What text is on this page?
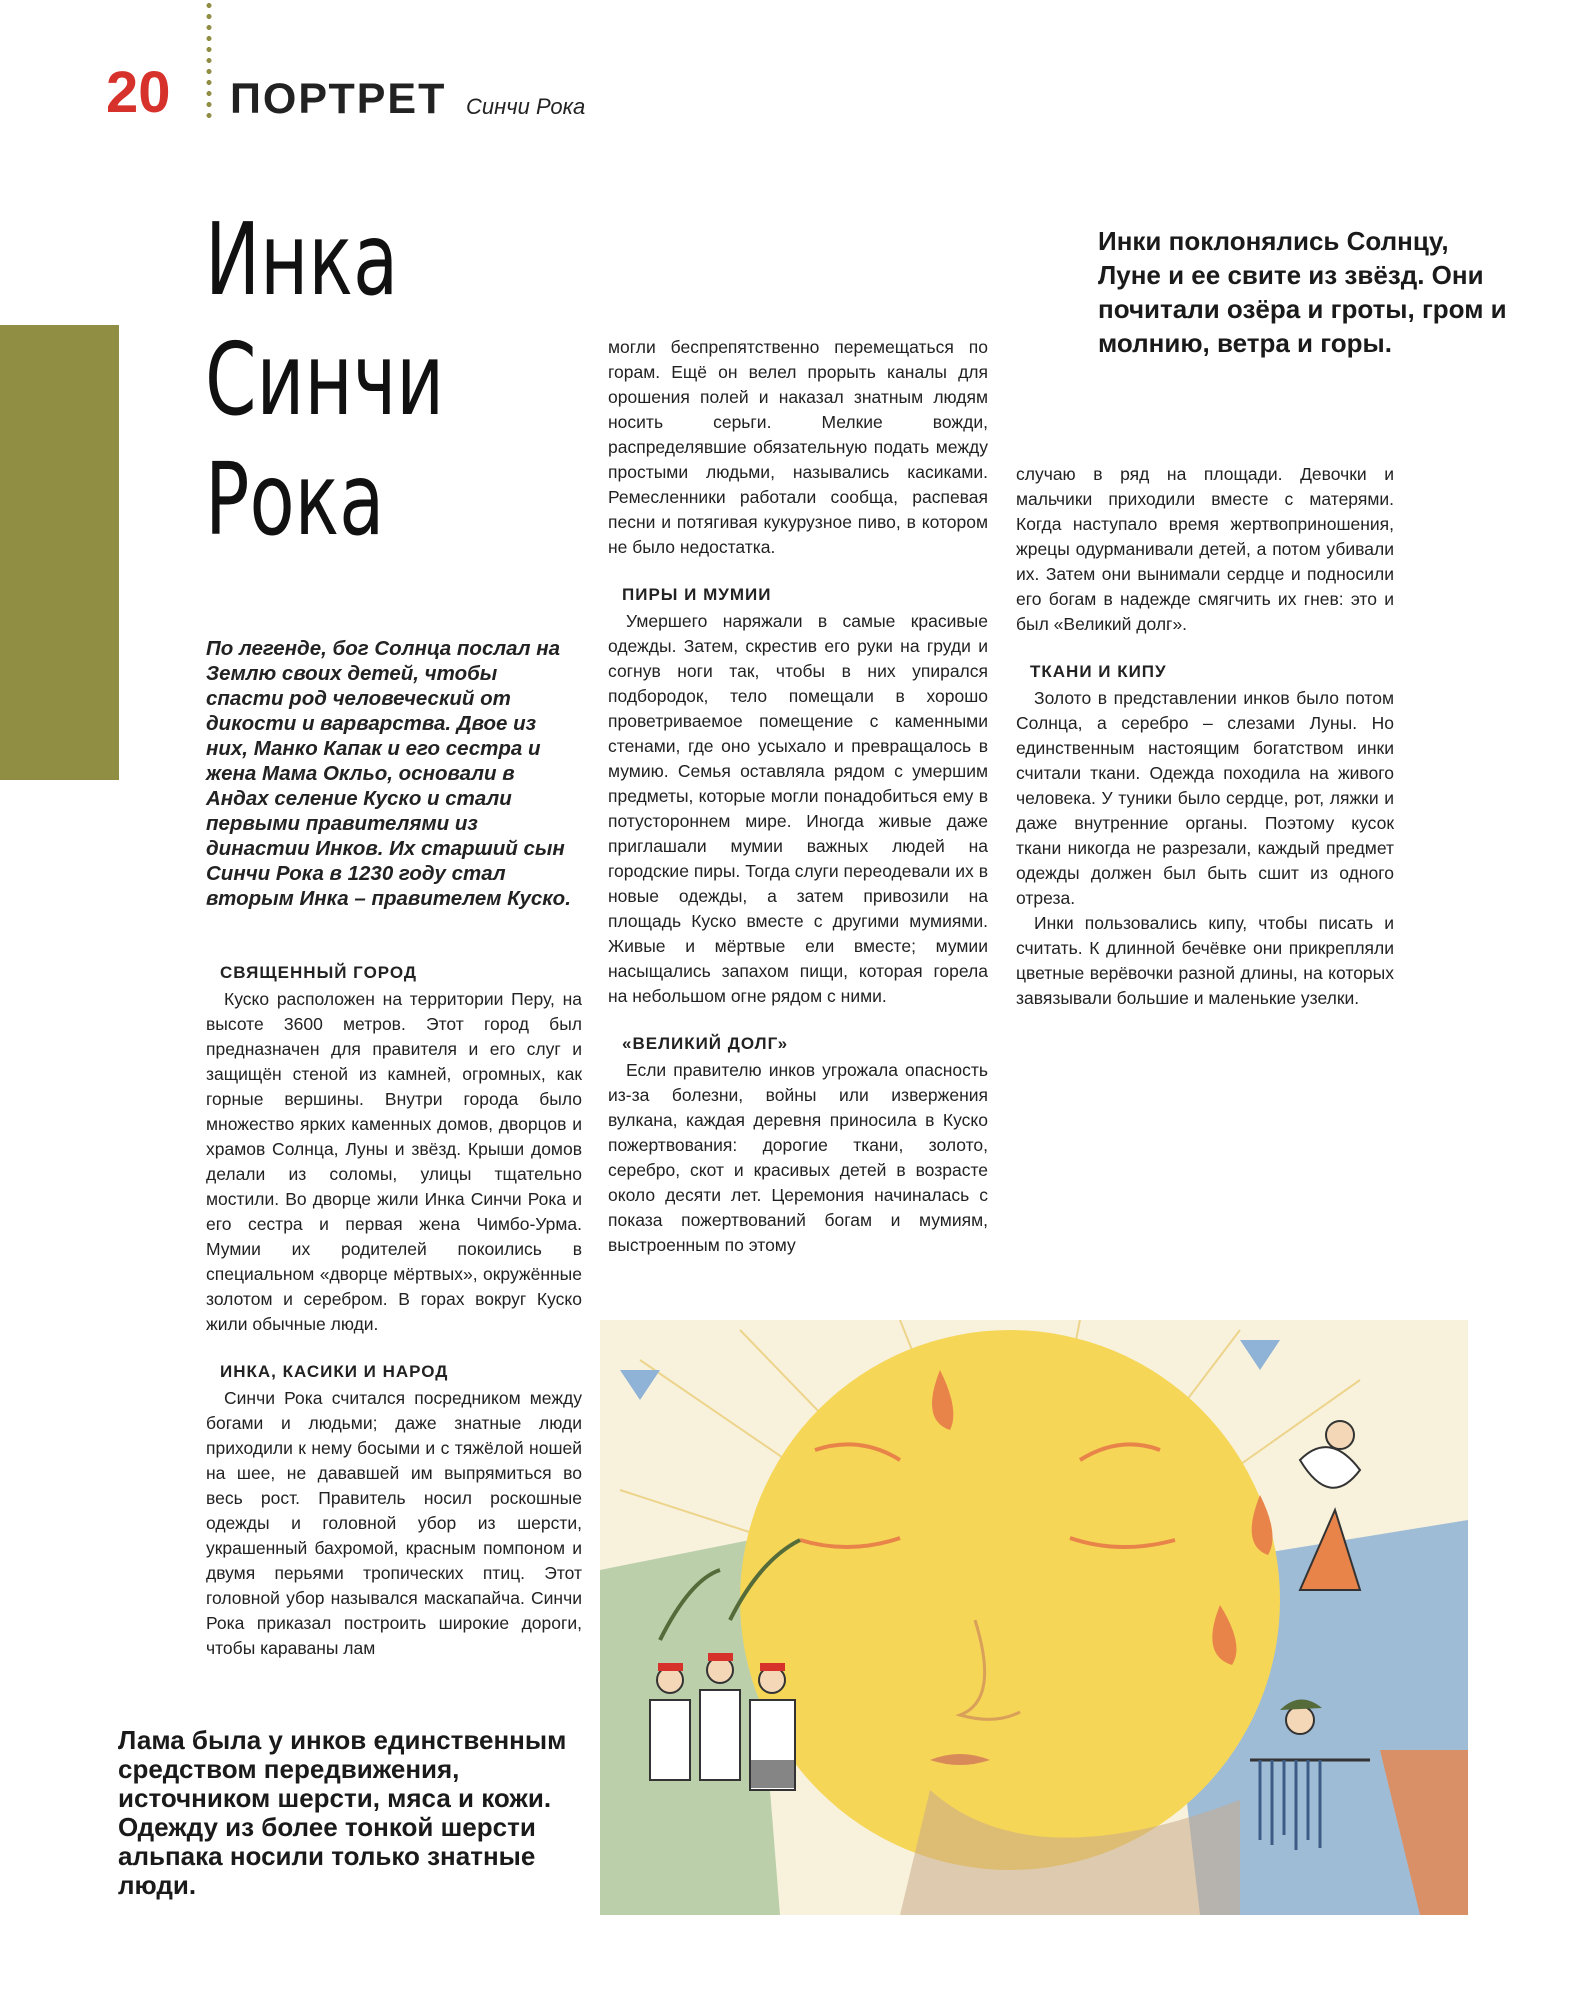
20 ПОРТРЕТ Синчи Рока
Инка
Синчи
Рока
Инки поклонялись Солнцу, Луне и ее свите из звёзд. Они почитали озёра и гроты, гром и молнию, ветра и горы.
По легенде, бог Солнца послал на Землю своих детей, чтобы спасти род человеческий от дикости и варварства. Двое из них, Манко Капак и его сестра и жена Мама Окльо, основали в Андах селение Куско и стали первыми правителями из династии Инков. Их старший сын Синчи Рока в 1230 году стал вторым Инка – правителем Куско.
СВЯЩЕННЫЙ ГОРОД

Куско расположен на территории Перу, на высоте 3600 метров. Этот город был предназначен для правителя и его слуг и защищён стеной из камней, огромных, как горные вершины. Внутри города было множество ярких каменных домов, дворцов и храмов Солнца, Луны и звёзд. Крыши домов делали из соломы, улицы тщательно мостили. Во дворце жили Инка Синчи Рока и его сестра и первая жена Чимбо-Урма. Мумии их родителей покоились в специальном «дворце мёртвых», окружённые золотом и серебром. В горах вокруг Куско жили обычные люди.

ИНКА, КАСИКИ И НАРОД

Синчи Рока считался посредником между богами и людьми; даже знатные люди приходили к нему босыми и с тяжёлой ношей на шее, не дававшей им выпрямиться во весь рост. Правитель носил роскошные одежды и головной убор из шерсти, украшенный бахромой, красным помпоном и двумя перьями тропических птиц. Этот головной убор назывался маскапайча. Синчи Рока приказал построить широкие дороги, чтобы караваны лам

могли беспрепятственно перемещаться по горам. Ещё он велел прорыть каналы для орошения полей и наказал знатным людям носить серьги. Мелкие вожди, распределявшие обязательную подать между простыми людьми, назывались касиками. Ремесленники работали сообща, распевая песни и потягивая кукурузное пиво, в котором не было недостатка.

ПИРЫ И МУМИИ

Умершего наряжали в самые красивые одежды. Затем, скрестив его руки на груди и согнув ноги так, чтобы в них упирался подбородок, тело помещали в хорошо проветриваемое помещение с каменными стенами, где оно усыхало и превращалось в мумию. Семья оставляла рядом с умершим предметы, которые могли понадобиться ему в потустороннем мире. Иногда живые даже приглашали мумии важных людей на городские пиры. Тогда слуги переодевали их в новые одежды, а затем привозили на площадь Куско вместе с другими мумиями. Живые и мёртвые ели вместе; мумии насыщались запахом пищи, которая горела на небольшом огне рядом с ними.

«ВЕЛИКИЙ ДОЛГ»

Если правителю инков угрожала опасность из-за болезни, войны или извержения вулкана, каждая деревня приносила в Куско пожертвования: дорогие ткани, золото, серебро, скот и красивых детей в возрасте около десяти лет. Церемония начиналась с показа пожертвований богам и мумиям, выстроенным по этому

случаю в ряд на площади. Девочки и мальчики приходили вместе с матерями. Когда наступало время жертвоприношения, жрецы одурманивали детей, а потом убивали их. Затем они вынимали сердце и подносили его богам в надежде смягчить их гнев: это и был «Великий долг».

ТКАНИ И КИПУ

Золото в представлении инков было потом Солнца, а серебро – слезами Луны. Но единственным настоящим богатством инки считали ткани. Одежда походила на живого человека. У туники было сердце, рот, ляжки и даже внутренние органы. Поэтому кусок ткани никогда не разрезали, каждый предмет одежды должен был быть сшит из одного отреза.

Инки пользовались кипу, чтобы писать и считать. К длинной бечёвке они прикрепляли цветные верёвочки разной длины, на которых завязывали большие и маленькие узелки.

Лама была у инков единственным средством передвижения, источником шерсти, мяса и кожи. Одежду из более тонкой шерсти альпака носили только знатные люди.
